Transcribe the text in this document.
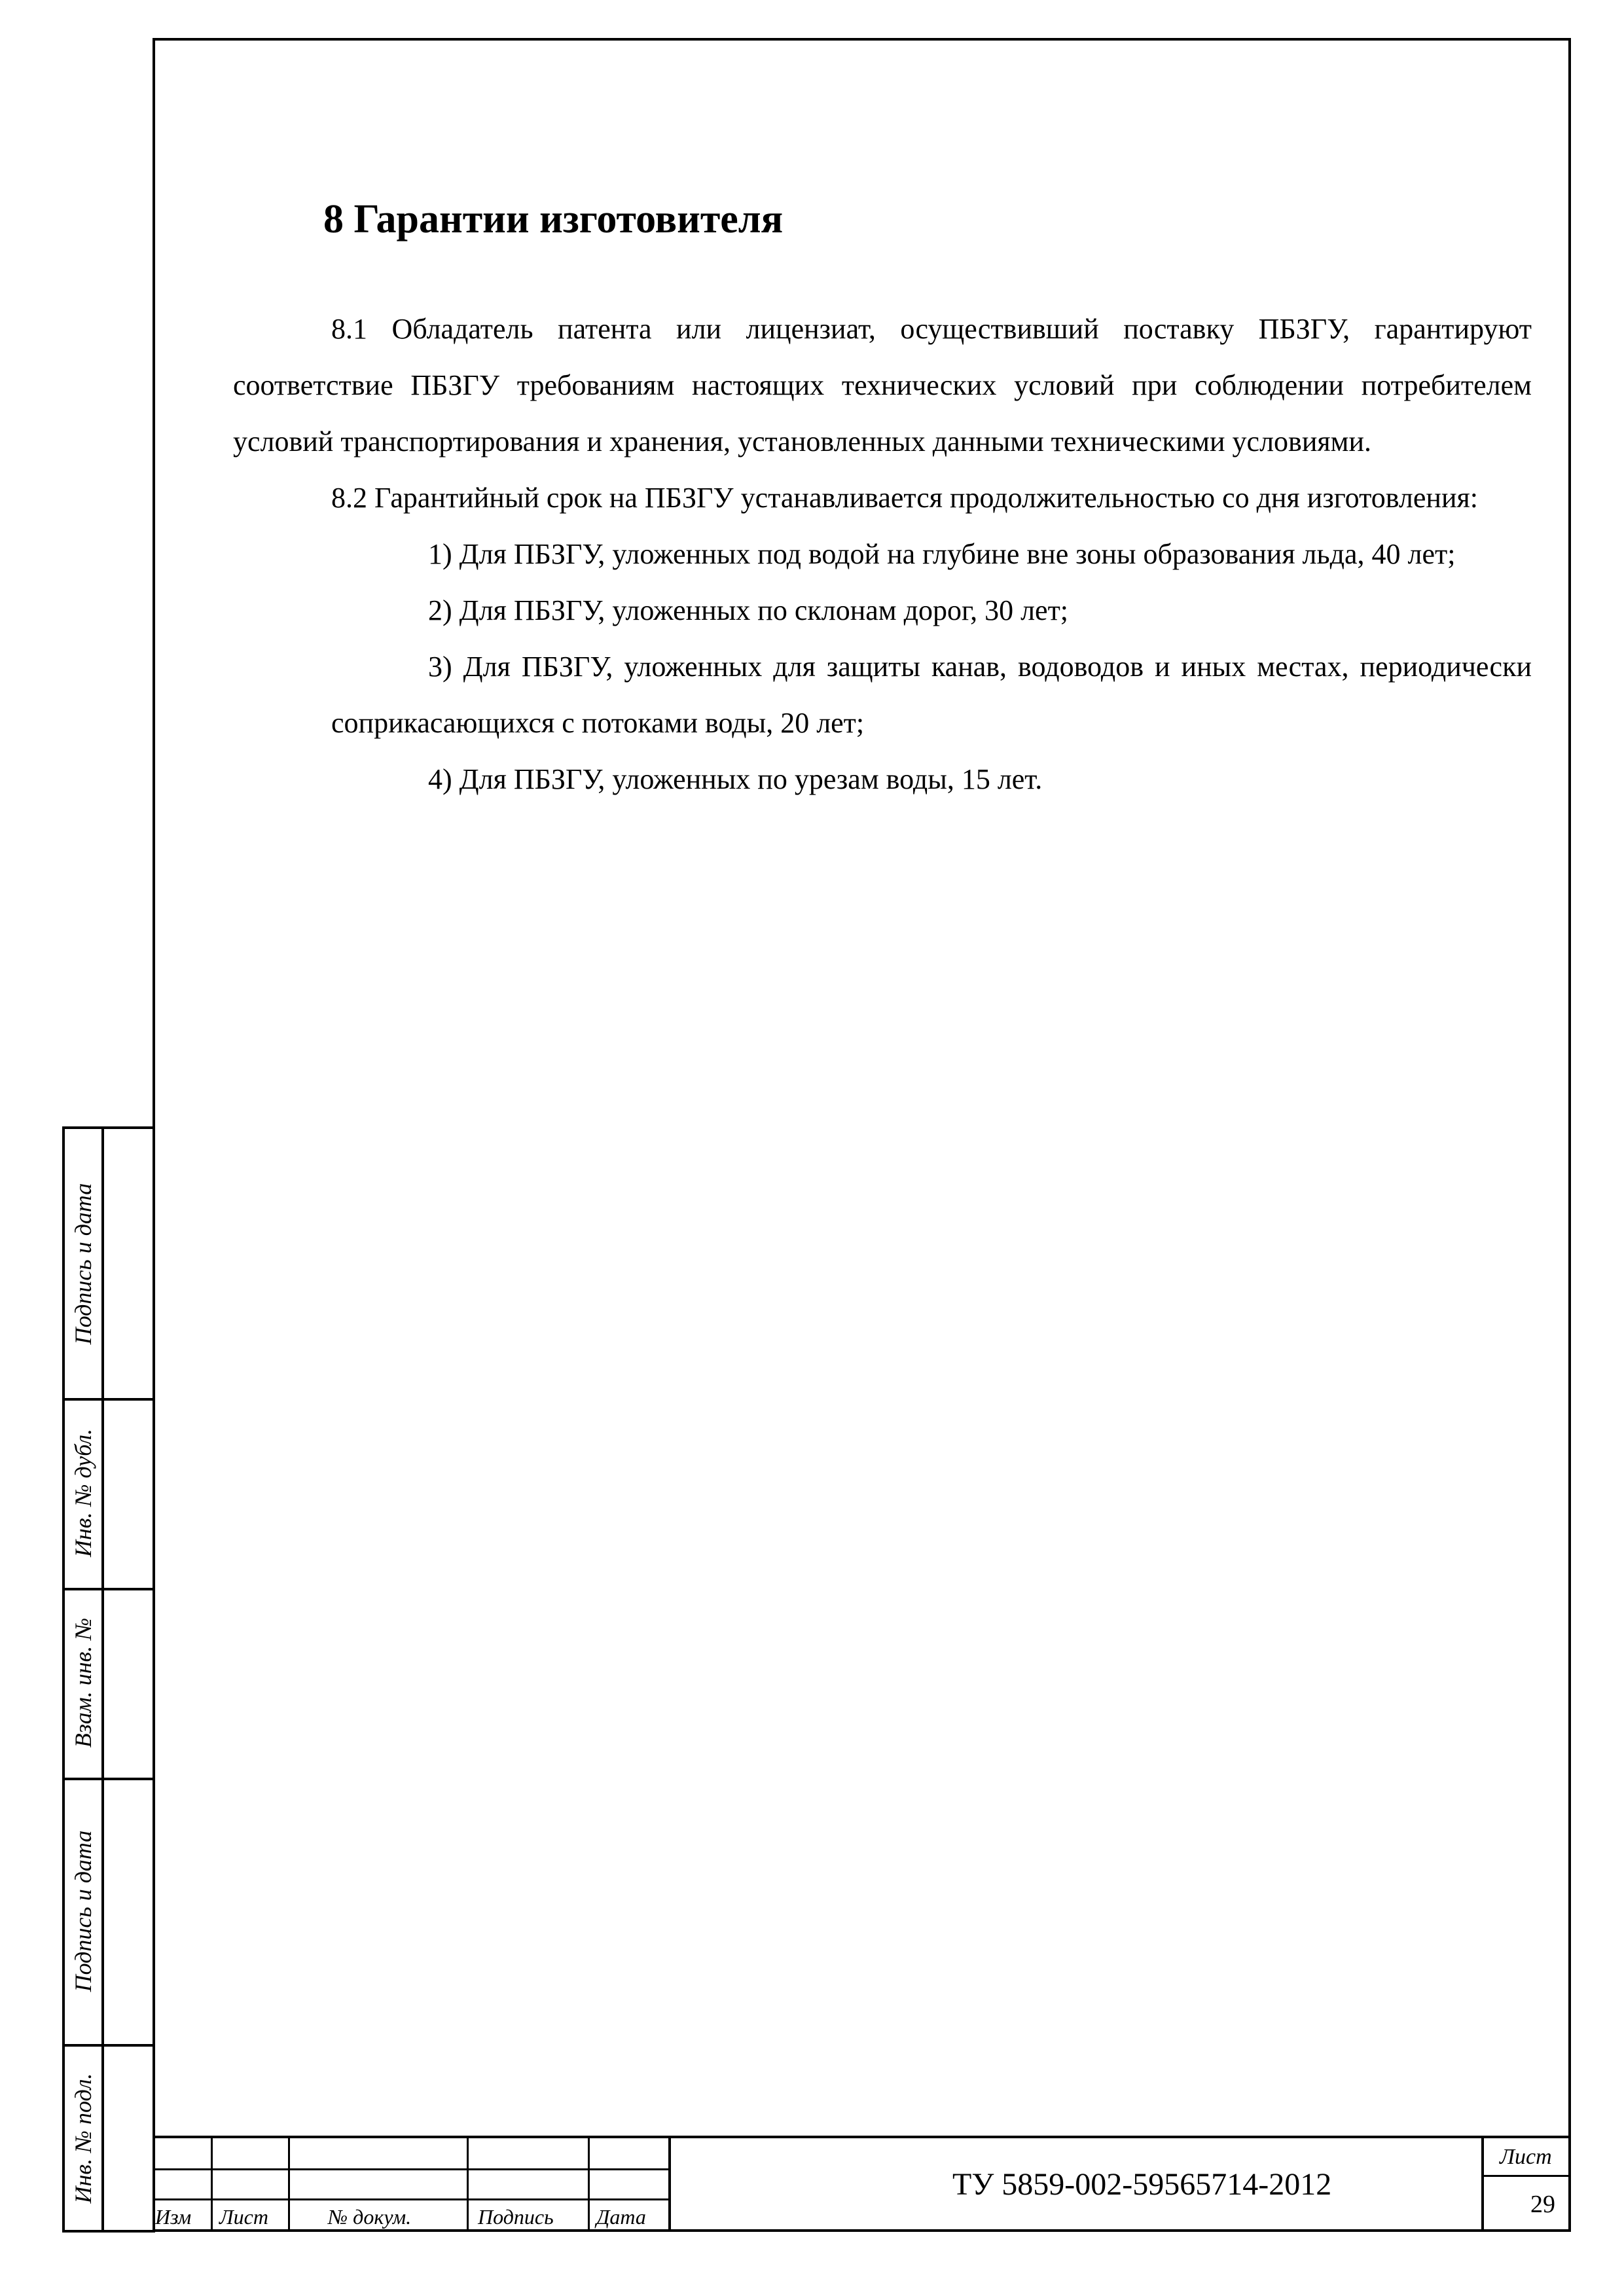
Подпись и дата
Инв. № дубл.
Взам. инв. №
Подпись и дата
Инв. № подл.
8 Гарантии изготовителя

8.1 Обладатель патента или лицензиат, осуществивший поставку ПБЗГУ, гарантируют соответствие ПБЗГУ требованиям настоящих технических условий при соблюдении потребителем условий транспортирования и хранения, установленных данными техническими условиями.

8.2 Гарантийный срок на ПБЗГУ устанавливается продолжительностью со дня изготовления:

1) Для ПБЗГУ, уложенных под водой на глубине вне зоны образования льда, 40 лет;

2) Для ПБЗГУ, уложенных по склонам дорог, 30 лет;

3) Для ПБЗГУ, уложенных для защиты канав, водоводов и иных местах, периодически соприкасающихся с потоками воды, 20 лет;

4) Для ПБЗГУ, уложенных по урезам воды, 15 лет.

Изм Лист	№ докум.	Подпись Дата
ТУ 5859-002-59565714-2012
Лист
29
